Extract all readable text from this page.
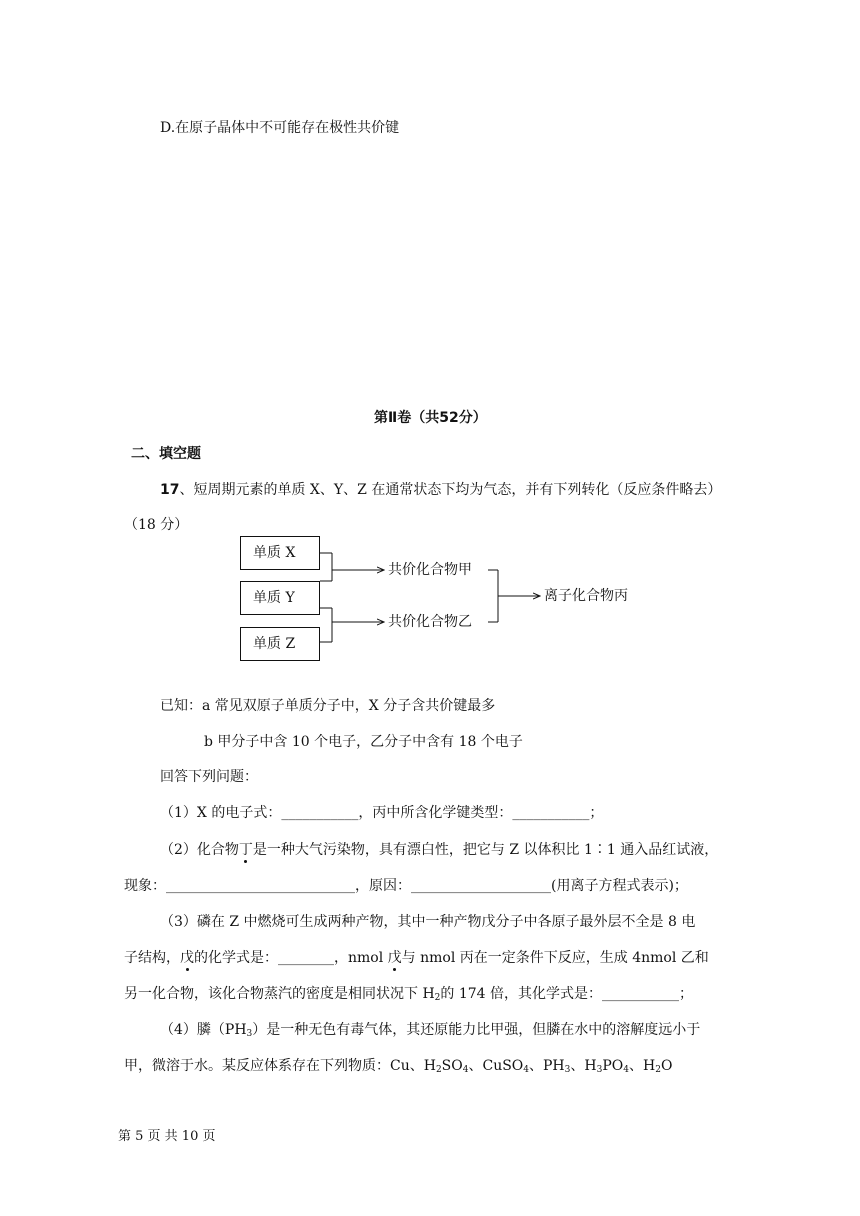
D.在原子晶体中不可能存在极性共价键
第Ⅱ卷（共52分）
二、填空题
17、短周期元素的单质 X、Y、Z 在通常状态下均为气态，并有下列转化（反应条件略去）
（18 分）
单质 X
单质 Y
单质 Z
共价化合物甲
共价化合物乙
离子化合物丙
已知：a 常见双原子单质分子中，X 分子含共价键最多
b 甲分子中含 10 个电子，乙分子中含有 18 个电子
回答下列问题：
（1）X 的电子式：___________，丙中所含化学键类型：___________；
（2）化合物丁是一种大气污染物，具有漂白性，把它与 Z 以体积比 1∶1 通入品红试液，
现象：___________________________，原因：____________________(用离子方程式表示)；
（3）磷在 Z 中燃烧可生成两种产物，其中一种产物戊分子中各原子最外层不全是 8 电
子结构，戊的化学式是：________，nmol 戊与 nmol 丙在一定条件下反应，生成 4nmol 乙和
另一化合物，该化合物蒸汽的密度是相同状况下 $H_2$的 174 倍，其化学式是：___________；
（4）膦$(PH_3)$是一种无色有毒气体，其还原能力比甲强，但膦在水中的溶解度远小于
甲，微溶于水。某反应体系存在下列物质：Cu、$H_2SO_4$、CuSO$_4$、$PH_3$、$H_3PO_4$、$H_2O$
第 5 页 共 10 页
